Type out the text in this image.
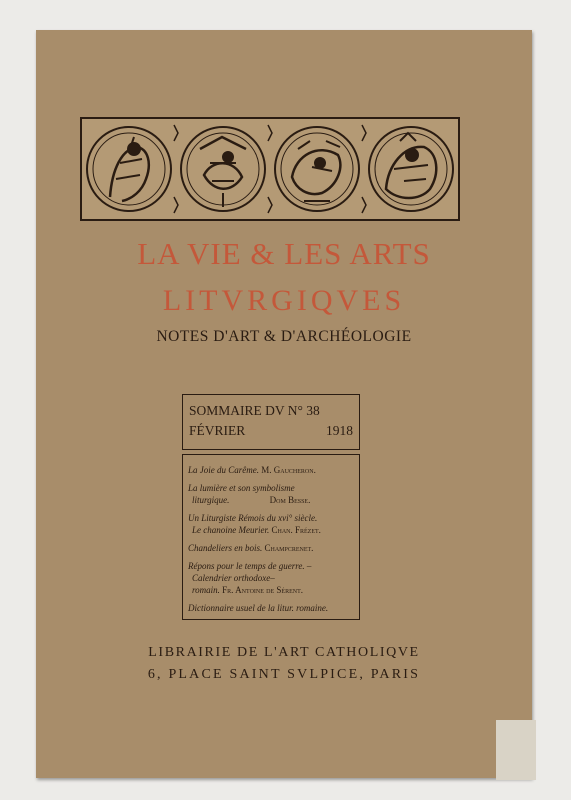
LA VIE & LES ARTS

LITVRGIQVES

NOTES D'ART & D'ARCHÉOLOGIE

SOMMAIRE DV N° 38
FÉVRIER	1918
La Joie du Carême. M. Gaucheron.
La lumière et son symbolisme
liturgique.	Dom Besse.
Un Liturgiste Rémois du xvi° siècle.
Le chanoine Meurier. Chan. Frézet.
Chandeliers en bois. Champcrenet.
Répons pour le temps de guerre. –
Calendrier orthodoxe–
romain. Fr. Antoine de Sérent.
Dictionnaire usuel de la litur. romaine.

LIBRAIRIE DE L'ART CATHOLIQVE

6, PLACE SAINT SVLPICE, PARIS
